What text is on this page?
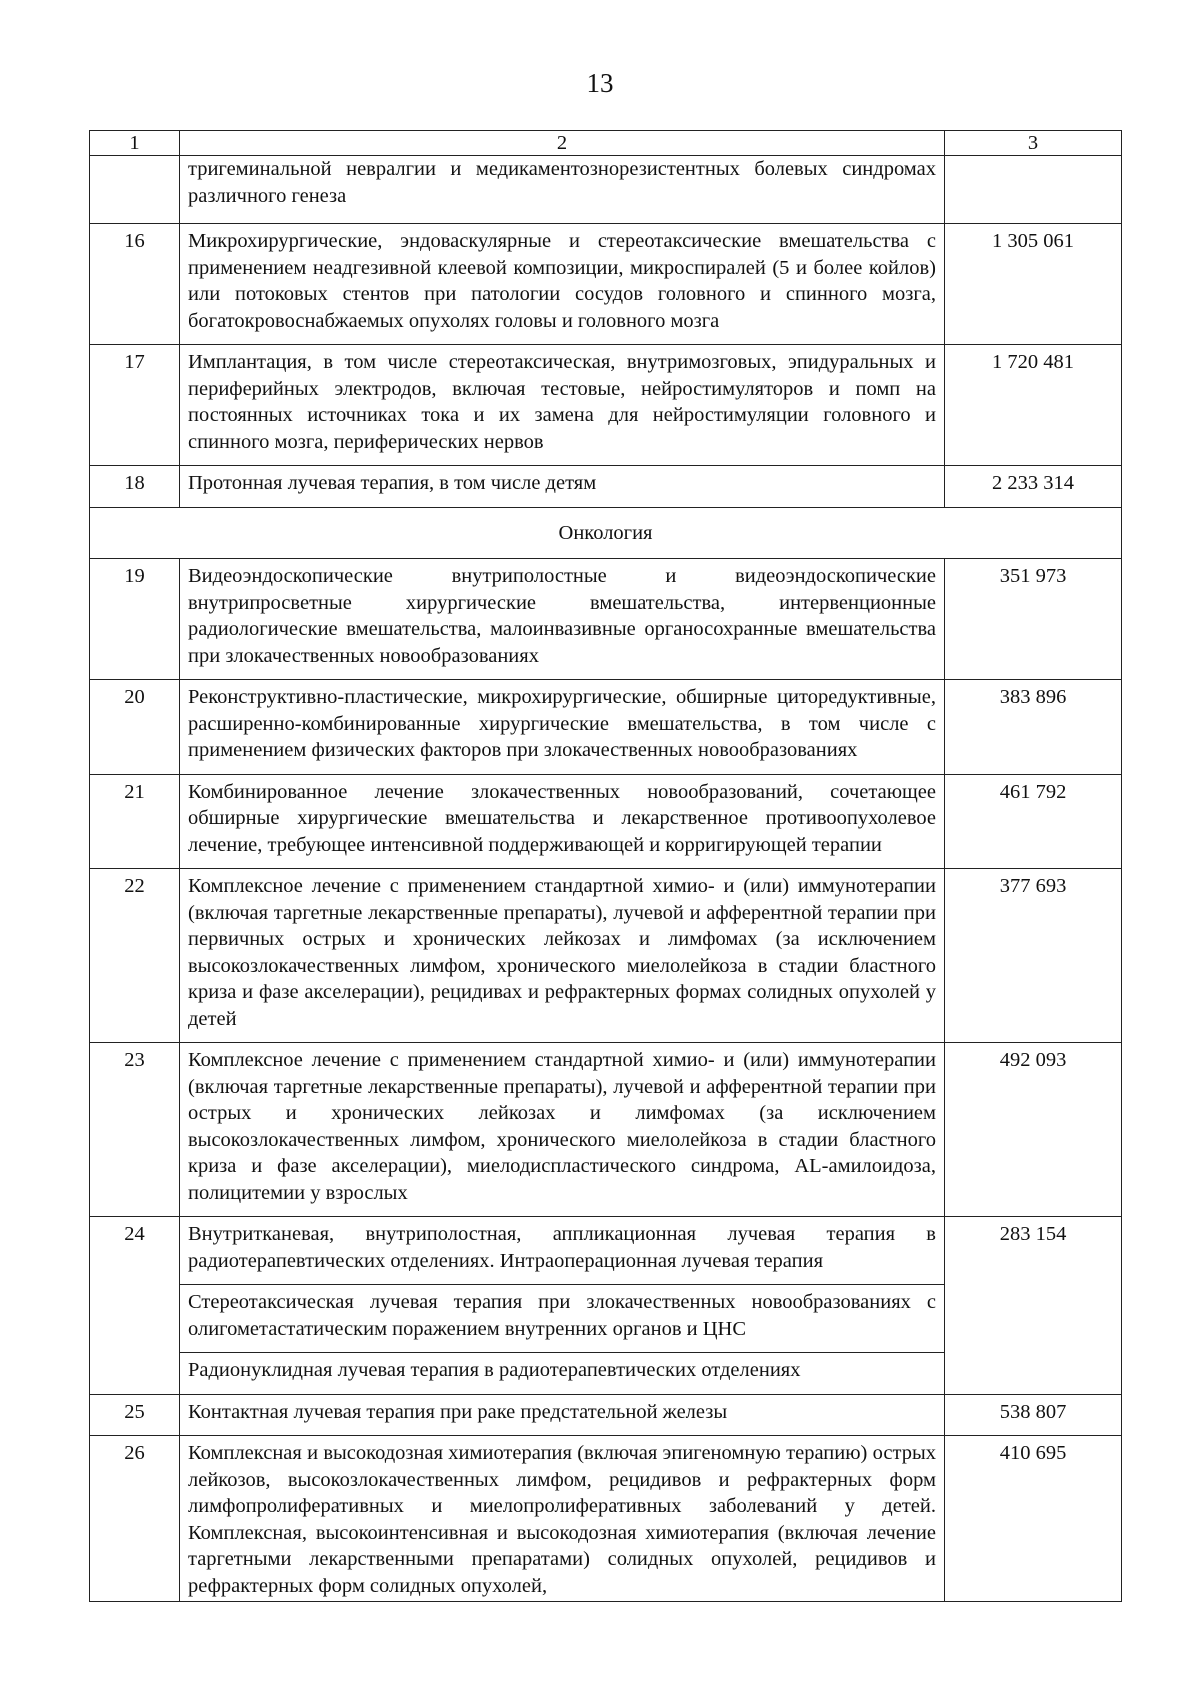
13
1	2	3
	тригеминальной невралгии и медикаментознорезистентных болевых синдромах различного генеза	
16	Микрохирургические, эндоваскулярные и стереотаксические вмешательства с применением неадгезивной клеевой композиции, микроспиралей (5 и более койлов) или потоковых стентов при патологии сосудов головного и спинного мозга, богатокровоснабжаемых опухолях головы и головного мозга	1 305 061
17	Имплантация, в том числе стереотаксическая, внутримозговых, эпидуральных и периферийных электродов, включая тестовые, нейростимуляторов и помп на постоянных источниках тока и их замена для нейростимуляции головного и спинного мозга, периферических нервов	1 720 481
18	Протонная лучевая терапия, в том числе детям	2 233 314
Онкология		
19	Видеоэндоскопические внутриполостные и видеоэндоскопические внутрипросветные хирургические вмешательства, интервенционные радиологические вмешательства, малоинвазивные органосохранные вмешательства при злокачественных новообразованиях	351 973
20	Реконструктивно-пластические, микрохирургические, обширные циторедуктивные, расширенно-комбинированные хирургические вмешательства, в том числе с применением физических факторов при злокачественных новообразованиях	383 896
21	Комбинированное лечение злокачественных новообразований, сочетающее обширные хирургические вмешательства и лекарственное противоопухолевое лечение, требующее интенсивной поддерживающей и корригирующей терапии	461 792
22	Комплексное лечение с применением стандартной химио- и (или) иммунотерапии (включая таргетные лекарственные препараты), лучевой и афферентной терапии при первичных острых и хронических лейкозах и лимфомах (за исключением высокозлокачественных лимфом, хронического миелолейкоза в стадии бластного криза и фазе акселерации), рецидивах и рефрактерных формах солидных опухолей у детей	377 693
23	Комплексное лечение с применением стандартной химио- и (или) иммунотерапии (включая таргетные лекарственные препараты), лучевой и афферентной терапии при острых и хронических лейкозах и лимфомах (за исключением высокозлокачественных лимфом, хронического миелолейкоза в стадии бластного криза и фазе акселерации), миелодиспластического синдрома, AL-амилоидоза, полицитемии у взрослых	492 093
24	Внутритканевая, внутриполостная, аппликационная лучевая терапия в радиотерапевтических отделениях. Интраоперационная лучевая терапия	283 154
	Стереотаксическая лучевая терапия при злокачественных новообразованиях с олигометастатическим поражением внутренних органов и ЦНС	
	Радионуклидная лучевая терапия в радиотерапевтических отделениях	
25	Контактная лучевая терапия при раке предстательной железы	538 807
26	Комплексная и высокодозная химиотерапия (включая эпигеномную терапию) острых лейкозов, высокозлокачественных лимфом, рецидивов и рефрактерных форм лимфопролиферативных и миелопролиферативных заболеваний у детей. Комплексная, высокоинтенсивная и высокодозная химиотерапия (включая лечение таргетными лекарственными препаратами) солидных опухолей, рецидивов и рефрактерных форм солидных опухолей,	410 695
